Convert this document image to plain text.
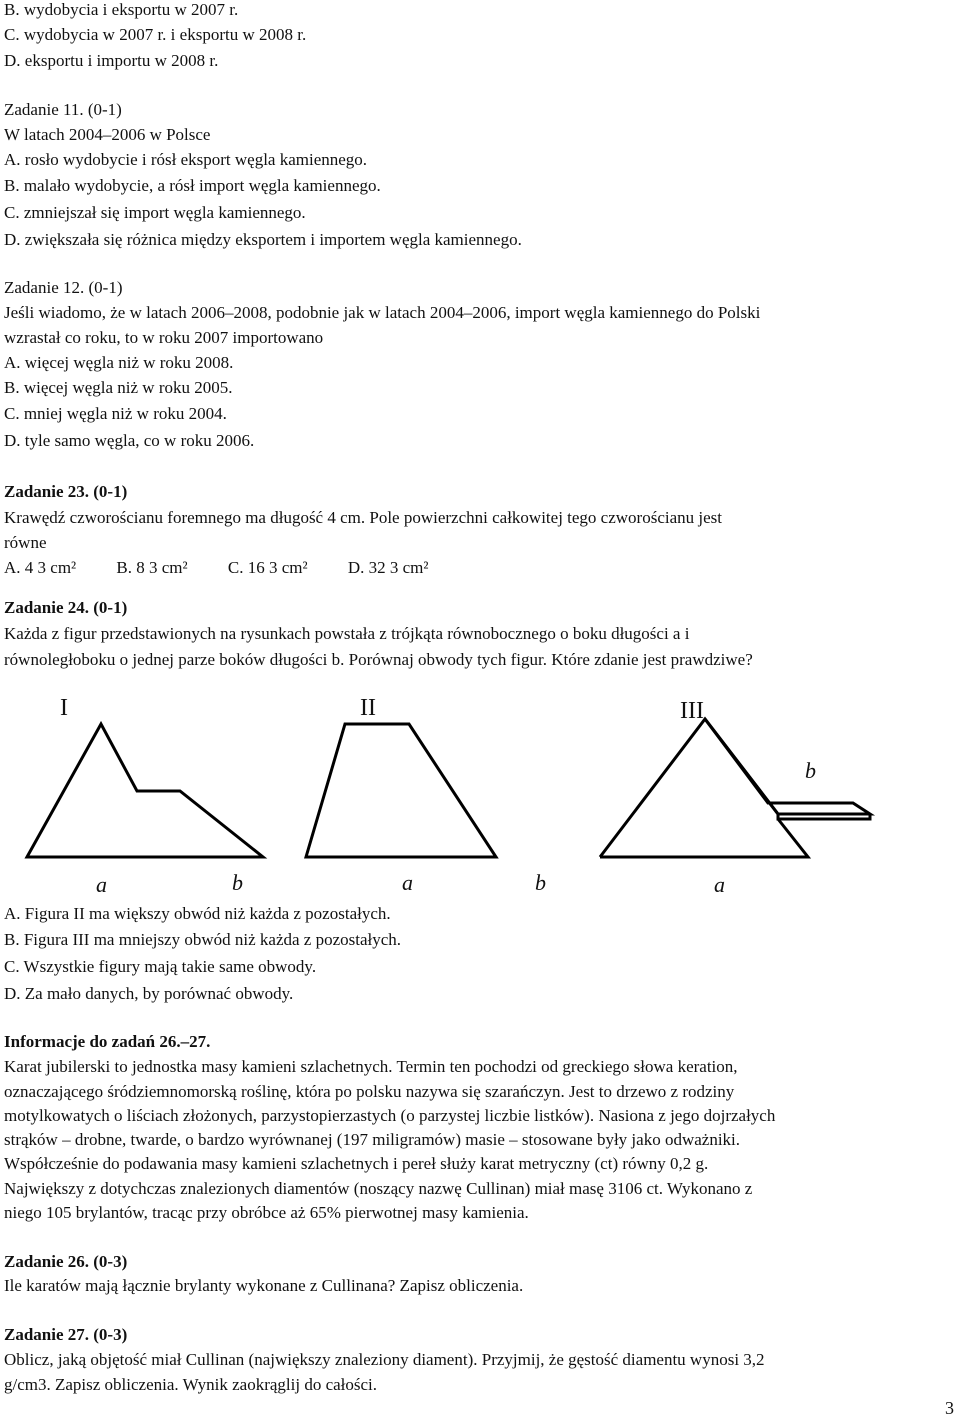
B. wydobycia i eksportu w 2007 r.
C. wydobycia w 2007 r. i eksportu w 2008 r.
D. eksportu i importu w 2008 r.
Zadanie 11. (0-1)
W latach 2004–2006 w Polsce
A. rosło wydobycie i rósł eksport węgla kamiennego.
B. malało wydobycie, a rósł import węgla kamiennego.
C. zmniejszał się import węgla kamiennego.
D. zwiększała się różnica między eksportem i importem węgla kamiennego.
Zadanie 12. (0-1)
Jeśli wiadomo, że w latach 2006–2008, podobnie jak w latach 2004–2006, import węgla kamiennego do Polski
wzrastał co roku, to w roku 2007 importowano
A. więcej węgla niż w roku 2008.
B. więcej węgla niż w roku 2005.
C. mniej węgla niż w roku 2004.
D. tyle samo węgla, co w roku 2006.
Zadanie 23. (0-1)
Krawędź czworościanu foremnego ma długość 4 cm. Pole powierzchni całkowitej tego czworościanu jest
równe
A. 4 3 cm² B. 8 3 cm² C. 16 3 cm² D. 32 3 cm²
Zadanie 24. (0-1)
Każda z figur przedstawionych na rysunkach powstała z trójkąta równobocznego o boku długości a i
równoległoboku o jednej parze boków długości b. Porównaj obwody tych figur. Które zdanie jest prawdziwe?
I	II	III
a	b	a	b	a
b
A. Figura II ma większy obwód niż każda z pozostałych.
B. Figura III ma mniejszy obwód niż każda z pozostałych.
C. Wszystkie figury mają takie same obwody.
D. Za mało danych, by porównać obwody.
Informacje do zadań 26.–27.
Karat jubilerski to jednostka masy kamieni szlachetnych. Termin ten pochodzi od greckiego słowa keration,
oznaczającego śródziemnomorską roślinę, która po polsku nazywa się szarańczyn. Jest to drzewo z rodziny
motylkowatych o liściach złożonych, parzystopierzastych (o parzystej liczbie listków). Nasiona z jego dojrzałych
strąków – drobne, twarde, o bardzo wyrównanej (197 miligramów) masie – stosowane były jako odważniki.
Współcześnie do podawania masy kamieni szlachetnych i pereł służy karat metryczny (ct) równy 0,2 g.
Największy z dotychczas znalezionych diamentów (noszący nazwę Cullinan) miał masę 3106 ct. Wykonano z
niego 105 brylantów, tracąc przy obróbce aż 65% pierwotnej masy kamienia.
Zadanie 26. (0-3)
Ile karatów mają łącznie brylanty wykonane z Cullinana? Zapisz obliczenia.
Zadanie 27. (0-3)
Oblicz, jaką objętość miał Cullinan (największy znaleziony diament). Przyjmij, że gęstość diamentu wynosi 3,2
g/cm3. Zapisz obliczenia. Wynik zaokrąglij do całości.
3
